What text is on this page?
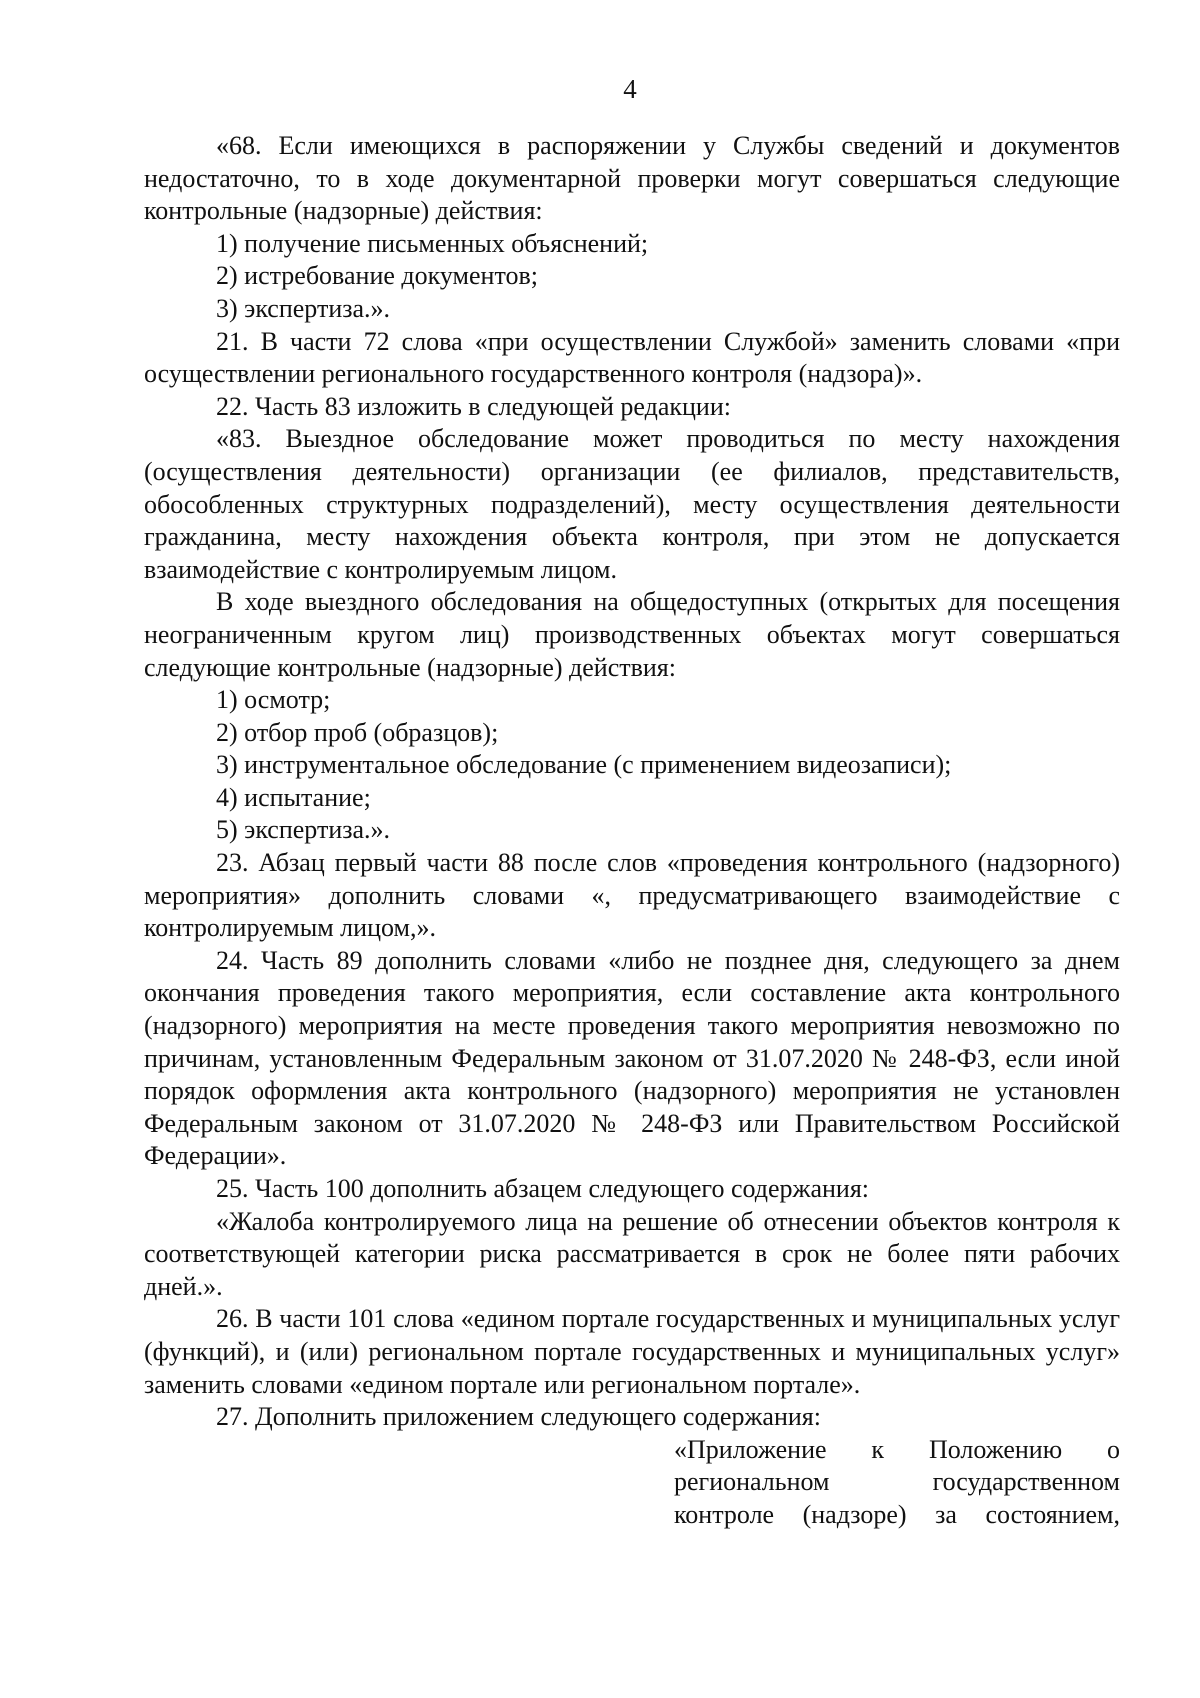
4

«68. Если имеющихся в распоряжении у Службы сведений и документов недостаточно, то в ходе документарной проверки могут совершаться следующие контрольные (надзорные) действия:

1) получение письменных объяснений;

2) истребование документов;

3) экспертиза.».

21. В части 72 слова «при осуществлении Службой» заменить словами «при осуществлении регионального государственного контроля (надзора)».

22. Часть 83 изложить в следующей редакции:

«83. Выездное обследование может проводиться по месту нахождения (осуществления деятельности) организации (ее филиалов, представительств, обособленных структурных подразделений), месту осуществления деятельности гражданина, месту нахождения объекта контроля, при этом не допускается взаимодействие с контролируемым лицом.

В ходе выездного обследования на общедоступных (открытых для посещения неограниченным кругом лиц) производственных объектах могут совершаться следующие контрольные (надзорные) действия:

1) осмотр;

2) отбор проб (образцов);

3) инструментальное обследование (с применением видеозаписи);

4) испытание;

5) экспертиза.».

23. Абзац первый части 88 после слов «проведения контрольного (надзорного) мероприятия» дополнить словами «, предусматривающего взаимодействие с контролируемым лицом,».

24. Часть 89 дополнить словами «либо не позднее дня, следующего за днем окончания проведения такого мероприятия, если составление акта контрольного (надзорного) мероприятия на месте проведения такого мероприятия невозможно по причинам, установленным Федеральным законом от 31.07.2020 № 248-ФЗ, если иной порядок оформления акта контрольного (надзорного) мероприятия не установлен Федеральным законом от 31.07.2020 № 248-ФЗ или Правительством Российской Федерации».

25. Часть 100 дополнить абзацем следующего содержания:

«Жалоба контролируемого лица на решение об отнесении объектов контроля к соответствующей категории риска рассматривается в срок не более пяти рабочих дней.».

26. В части 101 слова «едином портале государственных и муниципальных услуг (функций), и (или) региональном портале государственных и муниципальных услуг» заменить словами «едином портале или региональном портале».

27. Дополнить приложением следующего содержания:

«Приложение к Положению о
региональном государственном
контроле (надзоре) за состоянием,
